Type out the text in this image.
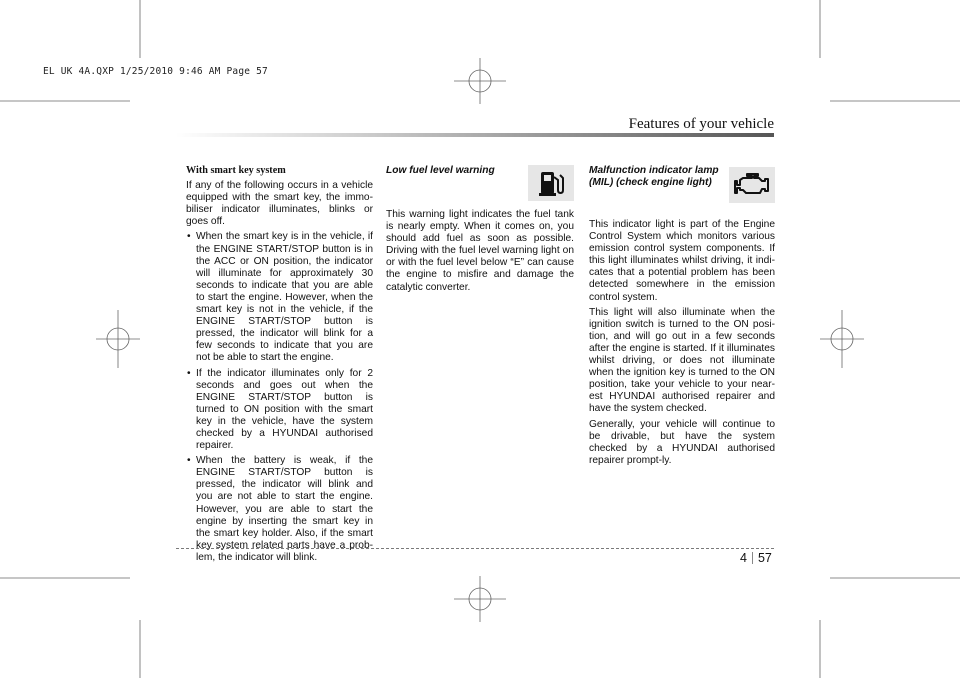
EL UK 4A.QXP 1/25/2010 9:46 AM Page 57
Features of your vehicle
With smart key system

If any of the following occurs in a vehicle equipped with the smart key, the immo-biliser indicator illuminates, blinks or goes off.

• When the smart key is in the vehicle, if the ENGINE START/STOP button is in the ACC or ON position, the indicator will illuminate for approximately 30 seconds to indicate that you are able to start the engine. However, when the smart key is not in the vehicle, if the ENGINE START/STOP button is pressed, the indicator will blink for a few seconds to indicate that you are not be able to start the engine.
• If the indicator illuminates only for 2 seconds and goes out when the ENGINE START/STOP button is turned to ON position with the smart key in the vehicle, have the system checked by a HYUNDAI authorised repairer.
• When the battery is weak, if the ENGINE START/STOP button is pressed, the indicator will blink and you are not able to start the engine. However, you are able to start the engine by inserting the smart key in the smart key holder. Also, if the smart key system related parts have a prob-lem, the indicator will blink.
Low fuel level warning

This warning light indicates the fuel tank is nearly empty. When it comes on, you should add fuel as soon as possible. Driving with the fuel level warning light on or with the fuel level below “E” can cause the engine to misfire and damage the catalytic converter.

Malfunction indicator lamp
(MIL) (check engine light)

This indicator light is part of the Engine Control System which monitors various emission control system components. If this light illuminates whilst driving, it indi-cates that a potential problem has been detected somewhere in the emission control system.

This light will also illuminate when the ignition switch is turned to the ON posi-tion, and will go out in a few seconds after the engine is started. If it illuminates whilst driving, or does not illuminate when the ignition key is turned to the ON position, take your vehicle to your near-est HYUNDAI authorised repairer and have the system checked.

Generally, your vehicle will continue to be drivable, but have the system checked by a HYUNDAI authorised repairer prompt-ly.

4 57
